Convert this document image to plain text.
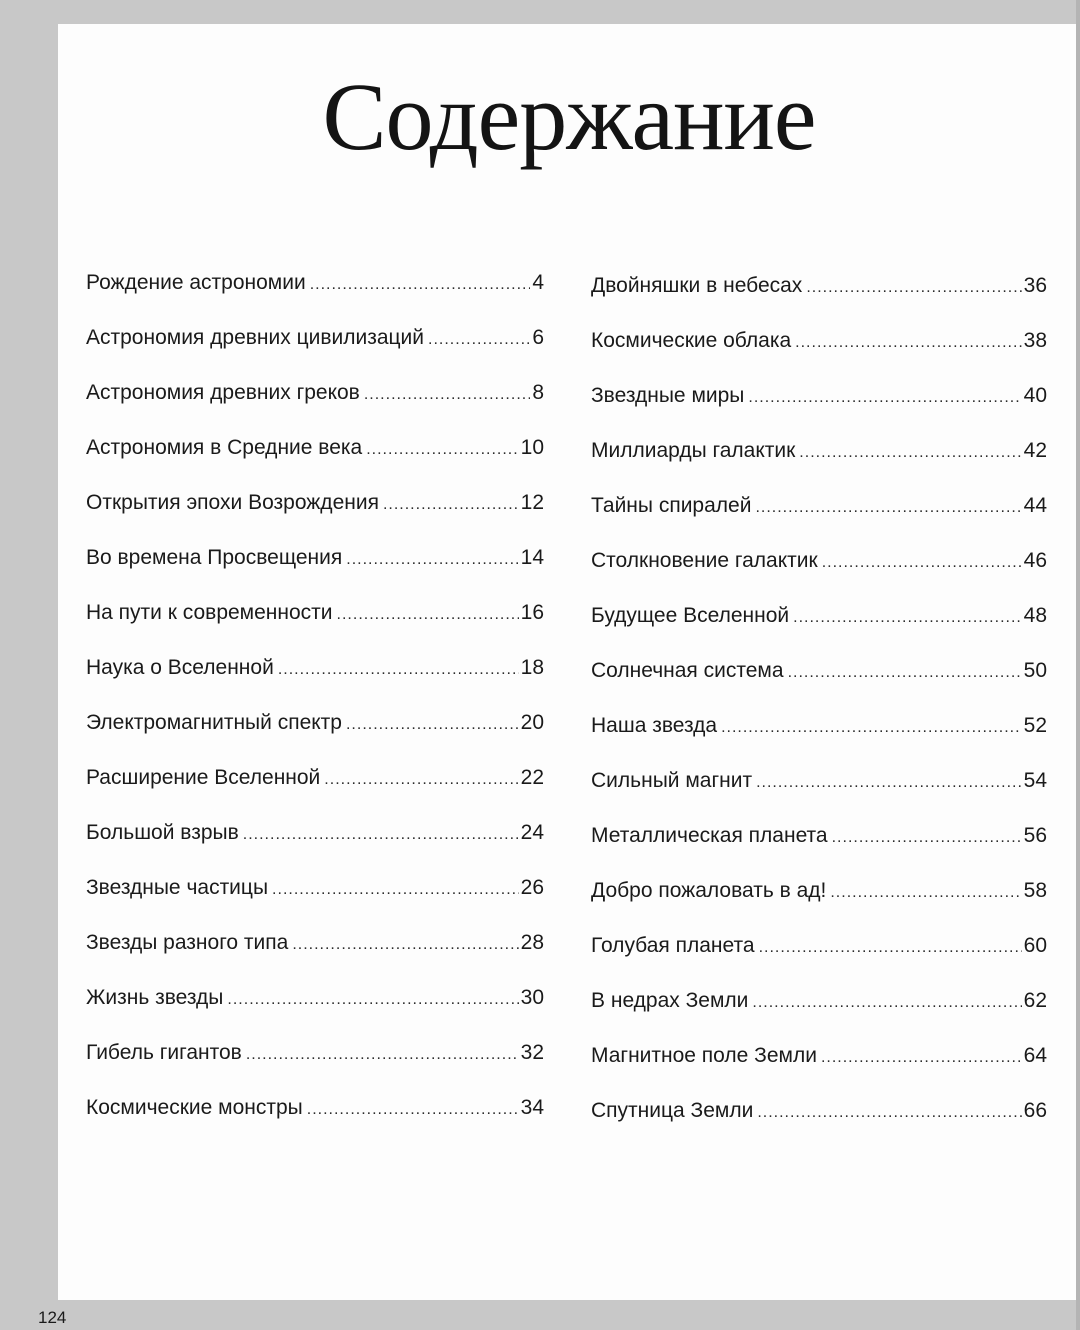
Содержание
Рождение астрономии .....	4
Астрономия древних цивилизаций .....	6
Астрономия древних греков .....	8
Астрономия в Средние века .....	10
Открытия эпохи Возрождения .....	12
Во времена Просвещения .....	14
На пути к современности .....	16
Наука о Вселенной .....	18
Электромагнитный спектр .....	20
Расширение Вселенной .....	22
Большой взрыв .....	24
Звездные частицы .....	26
Звезды разного типа .....	28
Жизнь звезды .....	30
Гибель гигантов .....	32
Космические монстры .....	34
Двойняшки в небесах .....	36
Космические облака .....	38
Звездные миры .....	40
Миллиарды галактик .....	42
Тайны спиралей .....	44
Столкновение галактик .....	46
Будущее Вселенной .....	48
Солнечная система .....	50
Наша звезда .....	52
Сильный магнит .....	54
Металлическая планета .....	56
Добро пожаловать в ад! .....	58
Голубая планета .....	60
В недрах Земли .....	62
Магнитное поле Земли .....	64
Спутница Земли .....	66
124
